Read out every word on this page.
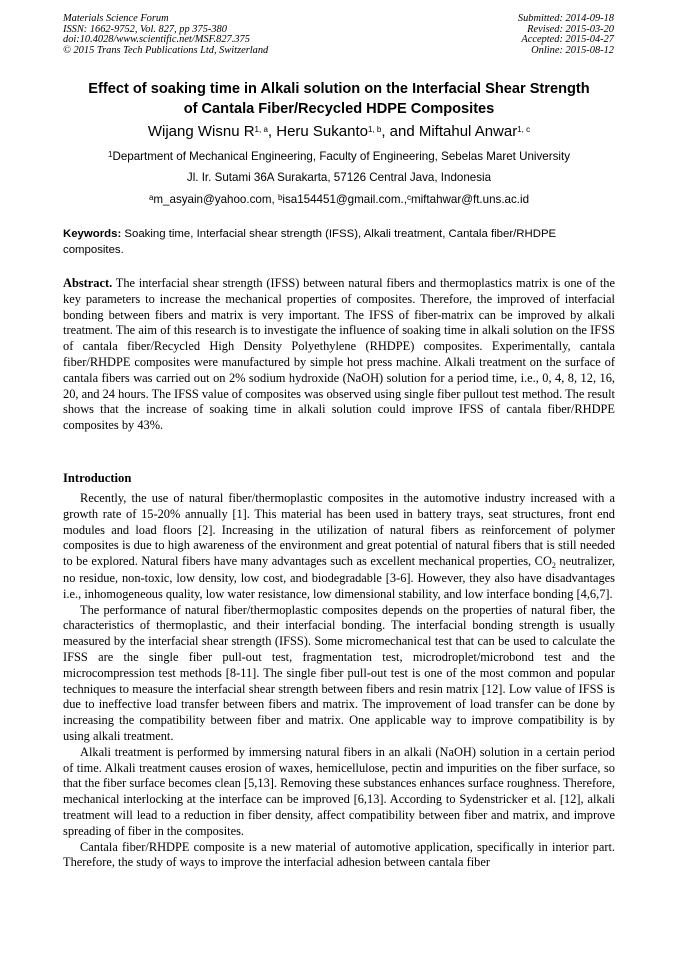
Materials Science Forum
ISSN: 1662-9752, Vol. 827, pp 375-380
doi:10.4028/www.scientific.net/MSF.827.375
© 2015 Trans Tech Publications Ltd, Switzerland
Submitted: 2014-09-18
Revised: 2015-03-20
Accepted: 2015-04-27
Online: 2015-08-12
Effect of soaking time in Alkali solution on the Interfacial Shear Strength
of Cantala Fiber/Recycled HDPE Composites
Wijang Wisnu R$^{1, a}$, Heru Sukanto$^{1, b}$, and Miftahul Anwar$^{1, c}$
$^1$Department of Mechanical Engineering, Faculty of Engineering, Sebelas Maret University
Jl. Ir. Sutami 36A Surakarta, 57126 Central Java, Indonesia
$^a$m_asyain@yahoo.com, $^b$isa154451@gmail.com.,$^c$miftahwar@ft.uns.ac.id
Keywords: Soaking time, Interfacial shear strength (IFSS), Alkali treatment, Cantala fiber/RHDPE composites.
Abstract. The interfacial shear strength (IFSS) between natural fibers and thermoplastics matrix is one of the key parameters to increase the mechanical properties of composites. Therefore, the improved of interfacial bonding between fibers and matrix is very important. The IFSS of fiber-matrix can be improved by alkali treatment. The aim of this research is to investigate the influence of soaking time in alkali solution on the IFSS of cantala fiber/Recycled High Density Polyethylene (RHDPE) composites. Experimentally, cantala fiber/RHDPE composites were manufactured by simple hot press machine. Alkali treatment on the surface of cantala fibers was carried out on 2% sodium hydroxide (NaOH) solution for a period time, i.e., 0, 4, 8, 12, 16, 20, and 24 hours. The IFSS value of composites was observed using single fiber pullout test method. The result shows that the increase of soaking time in alkali solution could improve IFSS of cantala fiber/RHDPE composites by 43%.
Introduction

Recently, the use of natural fiber/thermoplastic composites in the automotive industry increased with a growth rate of 15-20% annually [1]. This material has been used in battery trays, seat structures, front end modules and load floors [2]. Increasing in the utilization of natural fibers as reinforcement of polymer composites is due to high awareness of the environment and great potential of natural fibers that is still needed to be explored. Natural fibers have many advantages such as excellent mechanical properties, $CO_2$ neutralizer, no residue, non-toxic, low density, low cost, and biodegradable [3-6]. However, they also have disadvantages i.e., inhomogeneous quality, low water resistance, low dimensional stability, and low interface bonding [4,6,7].

The performance of natural fiber/thermoplastic composites depends on the properties of natural fiber, the characteristics of thermoplastic, and their interfacial bonding. The interfacial bonding strength is usually measured by the interfacial shear strength (IFSS). Some micromechanical test that can be used to calculate the IFSS are the single fiber pull-out test, fragmentation test, microdroplet/microbond test and the microcompression test methods [8-11]. The single fiber pull-out test is one of the most common and popular techniques to measure the interfacial shear strength between fibers and resin matrix [12]. Low value of IFSS is due to ineffective load transfer between fibers and matrix. The improvement of load transfer can be done by increasing the compatibility between fiber and matrix. One applicable way to improve compatibility is by using alkali treatment.

Alkali treatment is performed by immersing natural fibers in an alkali (NaOH) solution in a certain period of time. Alkali treatment causes erosion of waxes, hemicellulose, pectin and impurities on the fiber surface, so that the fiber surface becomes clean [5,13]. Removing these substances enhances surface roughness. Therefore, mechanical interlocking at the interface can be improved [6,13]. According to Sydenstricker et al. [12], alkali treatment will lead to a reduction in fiber density, affect compatibility between fiber and matrix, and improve spreading of fiber in the composites.

Cantala fiber/RHDPE composite is a new material of automotive application, specifically in interior part. Therefore, the study of ways to improve the interfacial adhesion between cantala fiber
